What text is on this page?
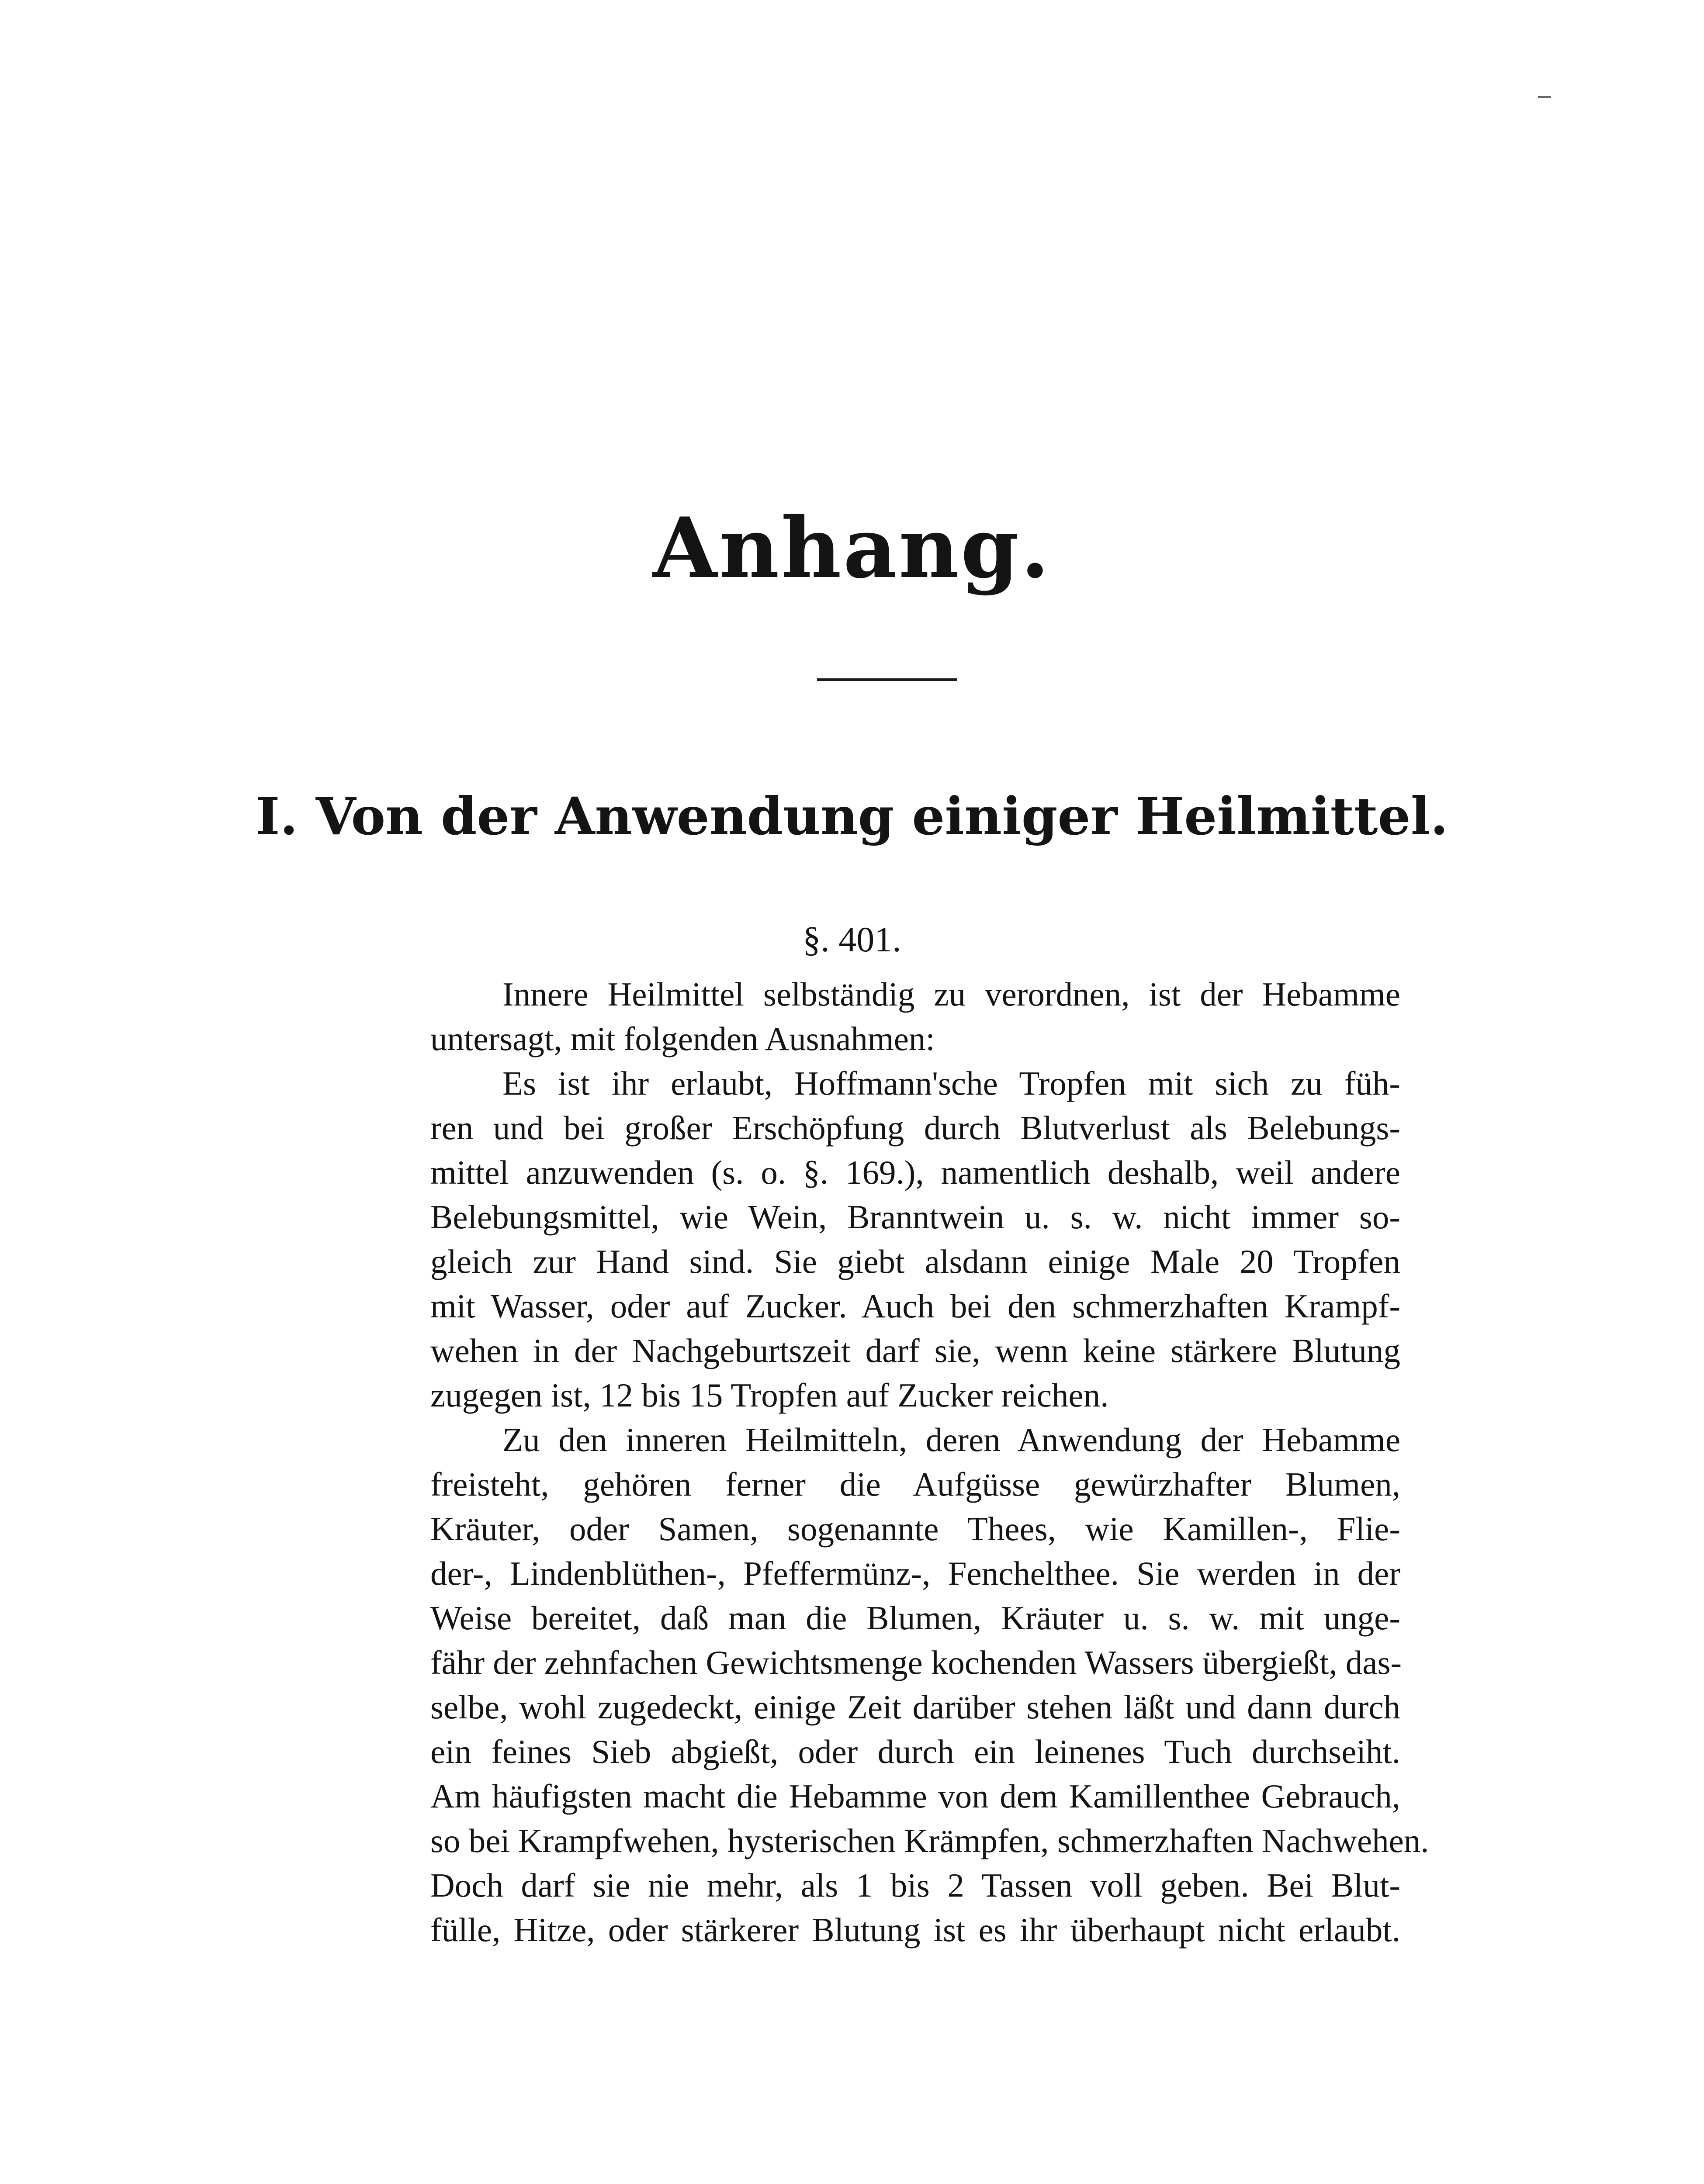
Anhang.
I. Von der Anwendung einiger Heilmittel.
§. 401.
Innere Heilmittel selbständig zu verordnen, ist der Hebamme
untersagt, mit folgenden Ausnahmen:
Es ist ihr erlaubt, Hoffmann'sche Tropfen mit sich zu füh-
ren und bei großer Erschöpfung durch Blutverlust als Belebungs-
mittel anzuwenden (s. o. §. 169.), namentlich deshalb, weil andere
Belebungsmittel, wie Wein, Branntwein u. s. w. nicht immer so-
gleich zur Hand sind. Sie giebt alsdann einige Male 20 Tropfen
mit Wasser, oder auf Zucker. Auch bei den schmerzhaften Krampf-
wehen in der Nachgeburtszeit darf sie, wenn keine stärkere Blutung
zugegen ist, 12 bis 15 Tropfen auf Zucker reichen.
Zu den inneren Heilmitteln, deren Anwendung der Hebamme
freisteht, gehören ferner die Aufgüsse gewürzhafter Blumen,
Kräuter, oder Samen, sogenannte Thees, wie Kamillen-, Flie-
der-, Lindenblüthen-, Pfeffermünz-, Fenchelthee. Sie werden in der
Weise bereitet, daß man die Blumen, Kräuter u. s. w. mit unge-
fähr der zehnfachen Gewichtsmenge kochenden Wassers übergießt, das-
selbe, wohl zugedeckt, einige Zeit darüber stehen läßt und dann durch
ein feines Sieb abgießt, oder durch ein leinenes Tuch durchseiht.
Am häufigsten macht die Hebamme von dem Kamillenthee Gebrauch,
so bei Krampfwehen, hysterischen Krämpfen, schmerzhaften Nachwehen.
Doch darf sie nie mehr, als 1 bis 2 Tassen voll geben. Bei Blut-
fülle, Hitze, oder stärkerer Blutung ist es ihr überhaupt nicht erlaubt.
